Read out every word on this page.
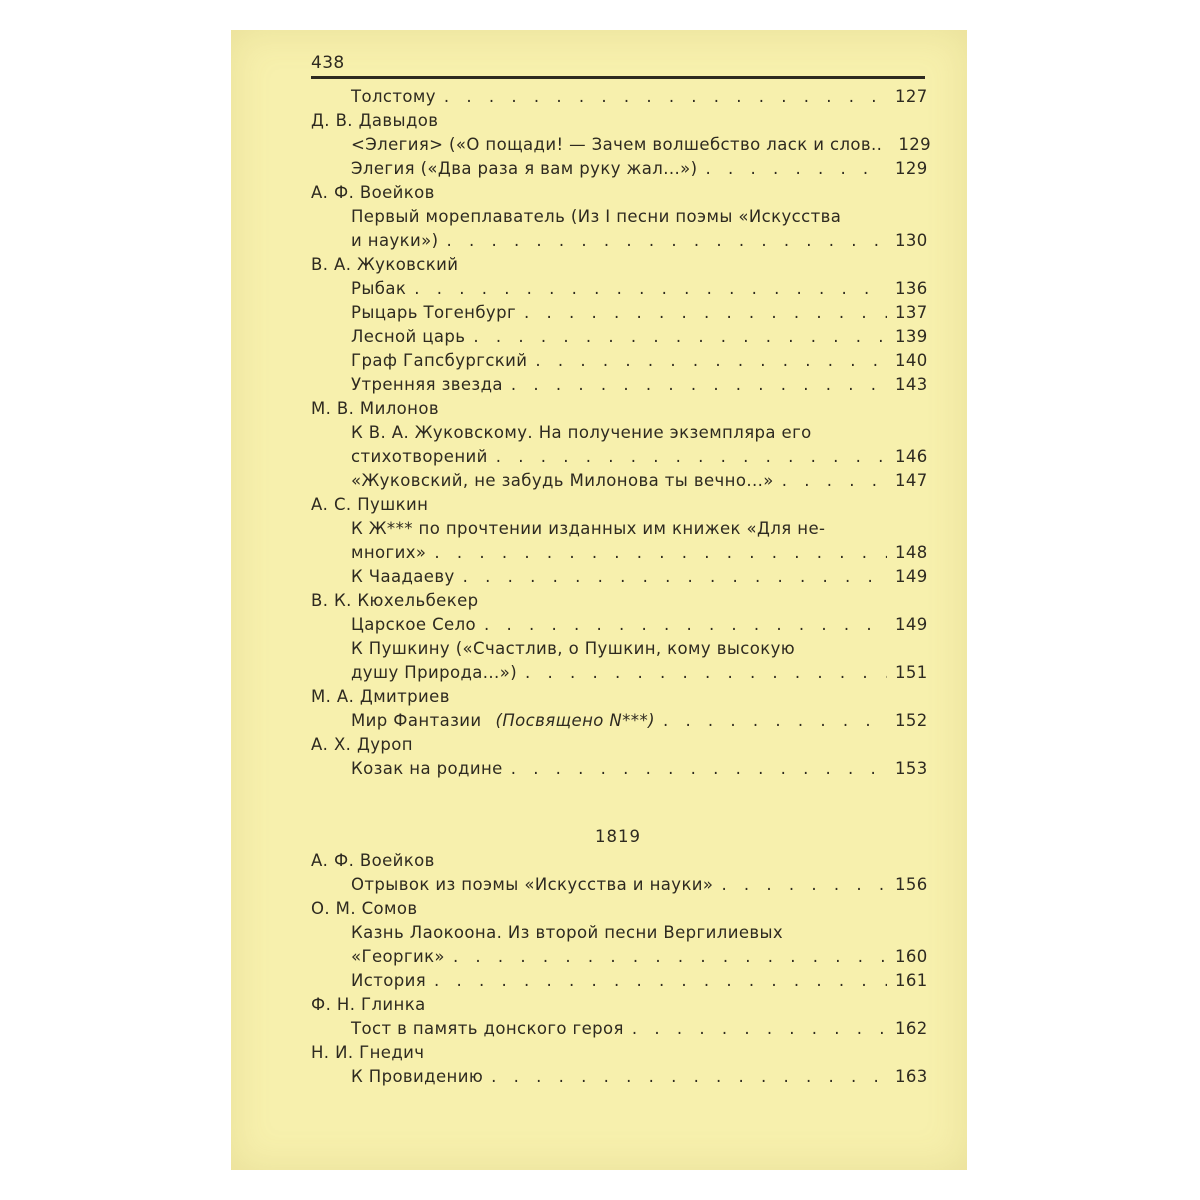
438
Толстому . . .	127
Д. В. Давыдов
<Элегия> («О пощади! — Зачем волшебство ласк и слов.. 129
Элегия («Два раза я вам руку жал...») . . .	129
А. Ф. Воейков
Первый мореплаватель (Из I песни поэмы «Искусства
и науки») . . .	130
В. А. Жуковский
Рыбак . . .	136
Рыцарь Тогенбург . . .	137
Лесной царь . . .	139
Граф Гапсбургский . . .	140
Утренняя звезда . . .	143
М. В. Милонов
К В. А. Жуковскому. На получение экземпляра его
стихотворений . . .	146
«Жуковский, не забудь Милонова ты вечно...» . . .	147
А. С. Пушкин
К Ж*** по прочтении изданных им книжек «Для не-
многих» . . .	148
К Чаадаеву . . .	149
В. К. Кюхельбекер
Царское Село . . .	149
К Пушкину («Счастлив, о Пушкин, кому высокую
душу Природа...») . . .	151
М. А. Дмитриев
Мир Фантазии (Посвящено N***) . . .	152
А. Х. Дуроп
Козак на родине . . .	153
1819
А. Ф. Воейков
Отрывок из поэмы «Искусства и науки» . . .	156
О. М. Сомов
Казнь Лаокоона. Из второй песни Вергилиевых
«Георгик» . . .	160
История . . .	161
Ф. Н. Глинка
Тост в память донского героя . . .	162
Н. И. Гнедич
К Провидению . . .	163
